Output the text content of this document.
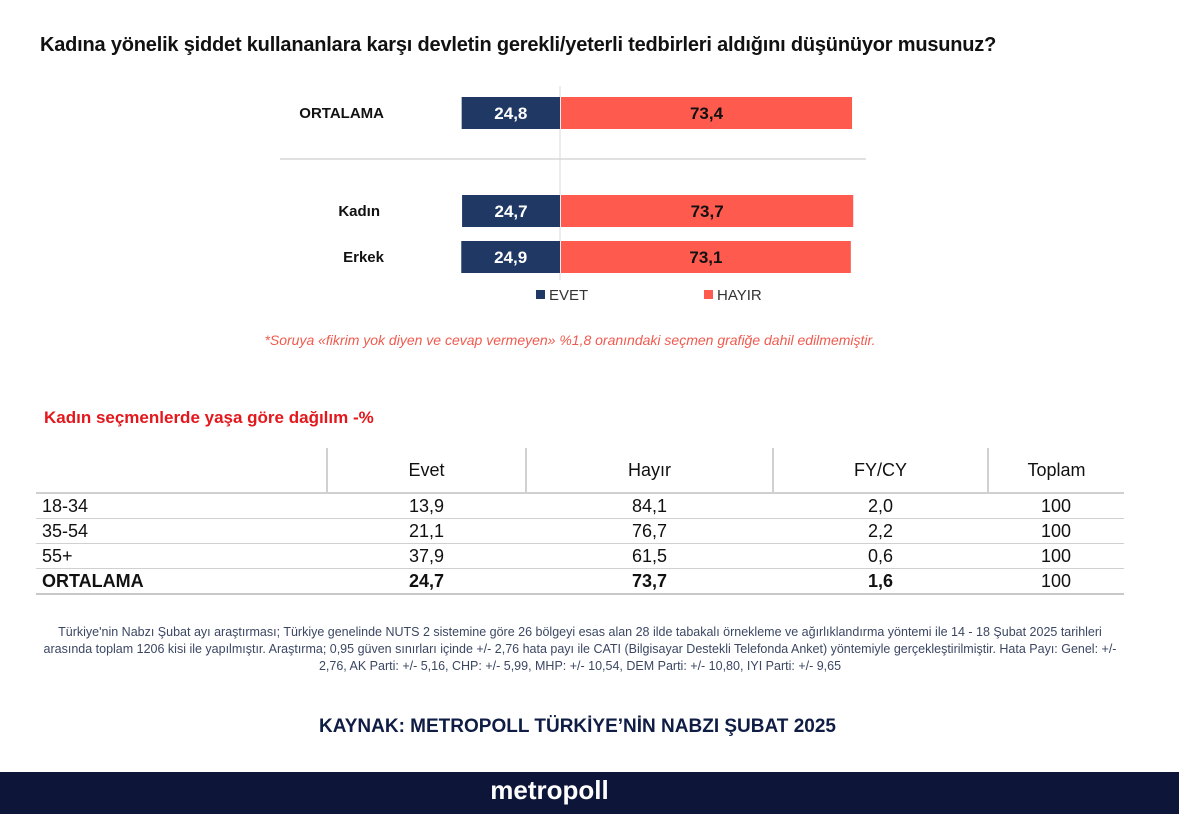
Kadına yönelik şiddet kullananlara karşı devletin gerekli/yeterli tedbirleri aldığını düşünüyor musunuz?
ORTALAMA	24,8	73,4
Kadın	24,7	73,7
Erkek	24,9	73,1
EVET	HAYIR
*Soruya «fikrim yok diyen ve cevap vermeyen» %1,8 oranındaki seçmen grafiğe dahil edilmemiştir.
Kadın seçmenlerde yaşa göre dağılım -%
	Evet	Hayır	FY/CY	Toplam
18-34	13,9	84,1	2,0	100
35-54	21,1	76,7	2,2	100
55+	37,9	61,5	0,6	100
ORTALAMA	24,7	73,7	1,6	100
Türkiye'nin Nabzı Şubat ayı araştırması; Türkiye genelinde NUTS 2 sistemine göre 26 bölgeyi esas alan 28 ilde tabakalı örnekleme ve ağırlıklandırma yöntemi ile 14 - 18 Şubat 2025 tarihleri arasında toplam 1206 kisi ile yapılmıştır. Araştırma; 0,95 güven sınırları içinde +/- 2,76 hata payı ile CATI (Bilgisayar Destekli Telefonda Anket) yöntemiyle gerçekleştirilmiştir. Hata Payı: Genel: +/- 2,76, AK Parti: +/- 5,16, CHP: +/- 5,99, MHP: +/- 10,54, DEM Parti: +/- 10,80, IYI Parti: +/- 9,65
KAYNAK: METROPOLL TÜRKİYE’NİN NABZI ŞUBAT 2025
metropoll
